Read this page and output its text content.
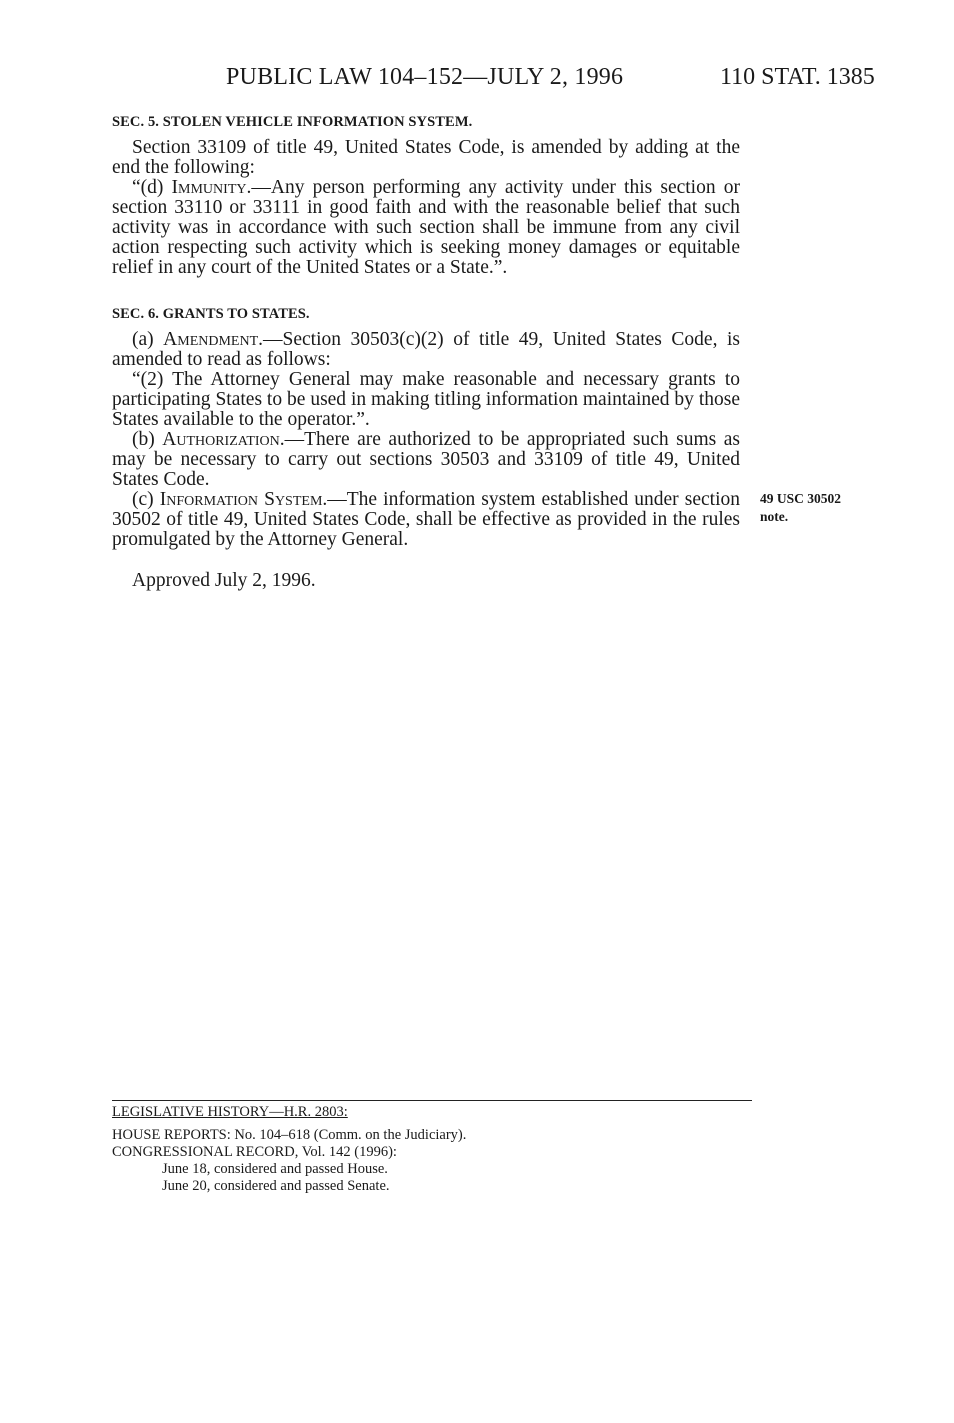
PUBLIC LAW 104–152—JULY 2, 1996	110 STAT. 1385
SEC. 5. STOLEN VEHICLE INFORMATION SYSTEM.
Section 33109 of title 49, United States Code, is amended by adding at the end the following:
“(d) Immunity.—Any person performing any activity under this section or section 33110 or 33111 in good faith and with the reasonable belief that such activity was in accordance with such section shall be immune from any civil action respecting such activity which is seeking money damages or equitable relief in any court of the United States or a State.”.
SEC. 6. GRANTS TO STATES.
(a) Amendment.—Section 30503(c)(2) of title 49, United States Code, is amended to read as follows:
“(2) The Attorney General may make reasonable and necessary grants to participating States to be used in making titling information maintained by those States available to the operator.”.
(b) Authorization.—There are authorized to be appropriated such sums as may be necessary to carry out sections 30503 and 33109 of title 49, United States Code.
(c) Information System.—The information system established under section 30502 of title 49, United States Code, shall be effective as provided in the rules promulgated by the Attorney General.
49 USC 30502
note.
Approved July 2, 1996.
LEGISLATIVE HISTORY—H.R. 2803:
HOUSE REPORTS: No. 104–618 (Comm. on the Judiciary).
CONGRESSIONAL RECORD, Vol. 142 (1996):
June 18, considered and passed House.
June 20, considered and passed Senate.
